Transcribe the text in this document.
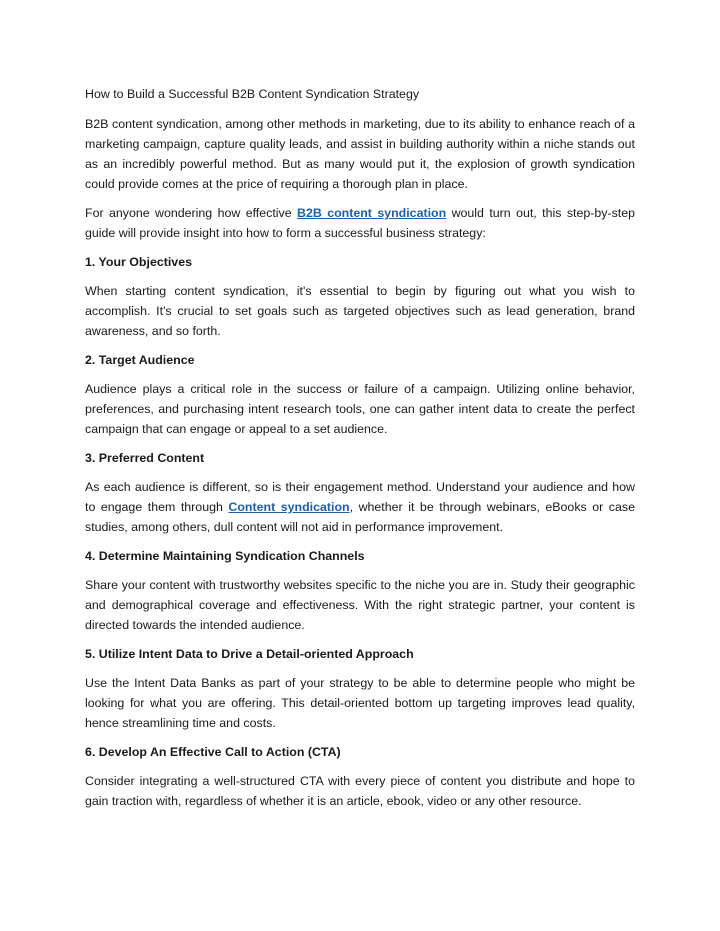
How to Build a Successful B2B Content Syndication Strategy

B2B content syndication, among other methods in marketing, due to its ability to enhance reach of a marketing campaign, capture quality leads, and assist in building authority within a niche stands out as an incredibly powerful method. But as many would put it, the explosion of growth syndication could provide comes at the price of requiring a thorough plan in place.

For anyone wondering how effective B2B content syndication would turn out, this step-by-step guide will provide insight into how to form a successful business strategy:

1. Your Objectives

When starting content syndication, it's essential to begin by figuring out what you wish to accomplish. It's crucial to set goals such as targeted objectives such as lead generation, brand awareness, and so forth.

2. Target Audience

Audience plays a critical role in the success or failure of a campaign. Utilizing online behavior, preferences, and purchasing intent research tools, one can gather intent data to create the perfect campaign that can engage or appeal to a set audience.

3. Preferred Content

As each audience is different, so is their engagement method. Understand your audience and how to engage them through Content syndication, whether it be through webinars, eBooks or case studies, among others, dull content will not aid in performance improvement.

4. Determine Maintaining Syndication Channels

Share your content with trustworthy websites specific to the niche you are in. Study their geographic and demographical coverage and effectiveness. With the right strategic partner, your content is directed towards the intended audience.

5. Utilize Intent Data to Drive a Detail-oriented Approach

Use the Intent Data Banks as part of your strategy to be able to determine people who might be looking for what you are offering. This detail-oriented bottom up targeting improves lead quality, hence streamlining time and costs.

6. Develop An Effective Call to Action (CTA)

Consider integrating a well-structured CTA with every piece of content you distribute and hope to gain traction with, regardless of whether it is an article, ebook, video or any other resource.
